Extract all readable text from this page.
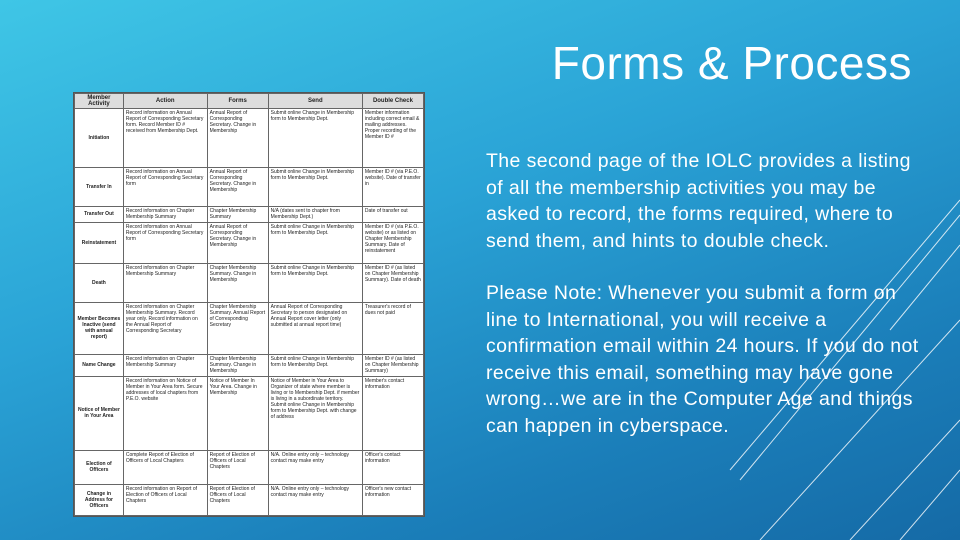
Forms & Process
Member Activity	Action	Forms	Send	Double Check
Initiation	Record information on Annual Report of Corresponding Secretary form. Record Member ID # received from Membership Dept.	Annual Report of Corresponding Secretary. Change in Membership	Submit online Change in Membership form to Membership Dept.	Member information including correct email & mailing addresses. Proper recording of the Member ID #
Transfer In	Record information on Annual Report of Corresponding Secretary form	Annual Report of Corresponding Secretary. Change in Membership	Submit online Change in Membership form to Membership Dept.	Member ID # (via P.E.O. website). Date of transfer in
Transfer Out	Record information on Chapter Membership Summary	Chapter Membership Summary	N/A (dates sent to chapter from Membership Dept.)	Date of transfer out
Reinstatement	Record information on Annual Report of Corresponding Secretary form	Annual Report of Corresponding Secretary. Change in Membership	Submit online Change in Membership form to Membership Dept.	Member ID # (via P.E.O. website) or as listed on Chapter Membership Summary. Date of reinstatement
Death	Record information on Chapter Membership Summary	Chapter Membership Summary. Change in Membership	Submit online Change in Membership form to Membership Dept.	Member ID # (as listed on Chapter Membership Summary). Date of death
Member Becomes Inactive (send with annual report)	Record information on Chapter Membership Summary. Record year only. Record information on the Annual Report of Corresponding Secretary	Chapter Membership Summary. Annual Report of Corresponding Secretary	Annual Report of Corresponding Secretary to person designated on Annual Report cover letter (only submitted at annual report time)	Treasurer's record of dues not paid
Name Change	Record information on Chapter Membership Summary	Chapter Membership Summary. Change in Membership	Submit online Change in Membership form to Membership Dept.	Member ID # (as listed on Chapter Membership Summary)
Notice of Member in Your Area	Record information on Notice of Member in Your Area form. Secure addresses of local chapters from P.E.O. website	Notice of Member In Your Area. Change in Membership	Notice of Member in Your Area to Organizer of state where member is living or to Membership Dept. if member is living in a subordinate territory. Submit online Change in Membership form to Membership Dept. with change of address	Member's contact information
Election of Officers	Complete Report of Election of Officers of Local Chapters	Report of Election of Officers of Local Chapters	N/A. Online entry only – technology contact may make entry	Officer's contact information
Change in Address for Officers	Record information on Report of Election of Officers of Local Chapters	Report of Election of Officers of Local Chapters	N/A. Online entry only – technology contact may make entry	Officer's new contact information

The second page of the IOLC provides a listing of all the membership activities you may be asked to record, the forms required, where to send them, and hints to double check.

Please Note: Whenever you submit a form on line to International, you will receive a confirmation email within 24 hours. If you do not receive this email, something may have gone wrong…we are in the Computer Age and things can happen in cyberspace.
